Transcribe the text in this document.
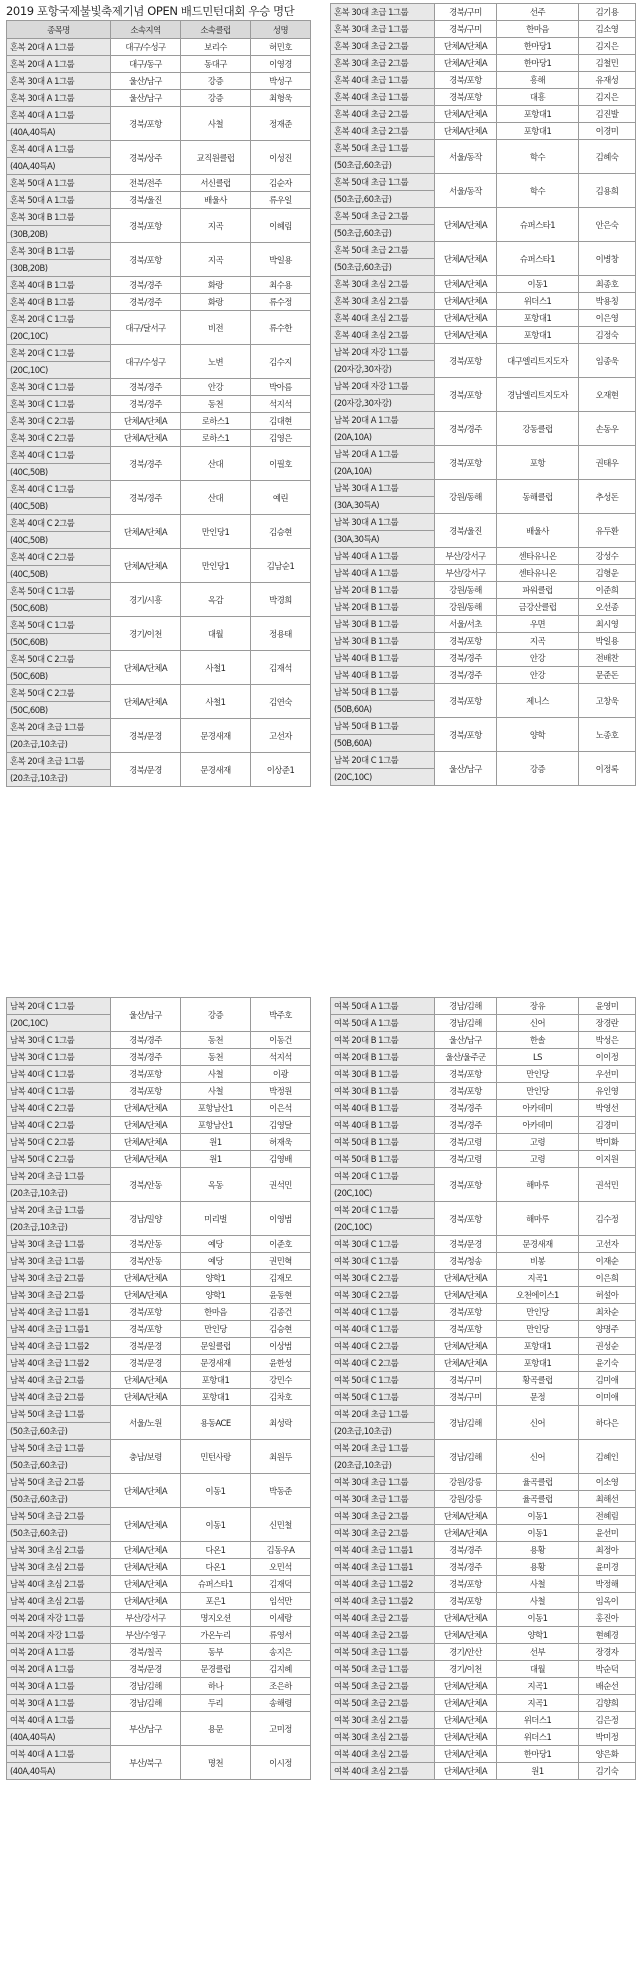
2019 포항국제불빛축제기념 OPEN 배드민턴대회 우승 명단
종목명	소속지역	소속클럽	성명
혼복 20대 A 1그룹	대구/수성구	보리수	허민호
혼복 20대 A 1그룹	대구/동구	동대구	이영경
혼복 30대 A 1그룹	울산/남구	강증	박성구
혼복 30대 A 1그룹	울산/남구	강증	최형욱
혼복 40대 A 1그룹	경북/포항	사철	정재준
(40A,40특A)			
혼복 40대 A 1그룹	경북/상주	교직원클럽	이성진
(40A,40특A)			
혼복 50대 A 1그룹	전북/전주	서신클럽	김순자
혼복 50대 A 1그룹	경북/울진	배울사	류우일
혼복 30대 B 1그룹	경북/포항	지곡	이혜림
(30B,20B)			
혼복 30대 B 1그룹	경북/포항	지곡	박일용
(30B,20B)			
혼복 40대 B 1그룹	경북/경주	화랑	최수용
혼복 40대 B 1그룹	경북/경주	화랑	류수정
혼복 20대 C 1그룹	대구/달서구	비전	류수한
(20C,10C)			
혼복 20대 C 1그룹	대구/수성구	노변	김수지
(20C,10C)			
혼복 30대 C 1그룹	경북/경주	안강	박아름
혼복 30대 C 1그룹	경북/경주	동천	석지석
혼복 30대 C 2그룹	단체A/단체A	로하스1	김대현
혼복 30대 C 2그룹	단체A/단체A	로하스1	김영은
혼복 40대 C 1그룹	경북/경주	산대	이필호
(40C,50B)			
혼복 40대 C 1그룹	경북/경주	산대	예린
(40C,50B)			
혼복 40대 C 2그룹	단체A/단체A	만인당1	김승현
(40C,50B)			
혼복 40대 C 2그룹	단체A/단체A	만인당1	김남순1
(40C,50B)			
혼복 50대 C 1그룹	경기/시흥	옥감	박경희
(50C,60B)			
혼복 50대 C 1그룹	경기/이천	대월	정용태
(50C,60B)			
혼복 50대 C 2그룹	단체A/단체A	사철1	김재석
(50C,60B)			
혼복 50대 C 2그룹	단체A/단체A	사철1	김연숙
(50C,60B)			
혼복 20대 초급 1그룹	경북/문경	문경새재	고선자
(20초급,10초급)			
혼복 20대 초급 1그룹	경북/문경	문경새재	이상준1
(20초급,10초급)			
혼복 30대 초급 1그룹	경북/구미	선주	김기용
혼복 30대 초급 1그룹	경북/구미	한마음	김소영
혼복 30대 초급 2그룹	단체A/단체A	한마당1	김지은
혼복 30대 초급 2그룹	단체A/단체A	한마당1	김철민
혼복 40대 초급 1그룹	경북/포항	흥해	유재성
혼복 40대 초급 1그룹	경북/포항	대흥	김지은
혼복 40대 초급 2그룹	단체A/단체A	포항대1	김진발
혼복 40대 초급 2그룹	단체A/단체A	포항대1	이경미
혼복 50대 초급 1그룹	서울/동작	학수	김혜숙
(50초급,60초급)			
혼복 50대 초급 1그룹	서울/동작	학수	김용희
(50초급,60초급)			
혼복 50대 초급 2그룹	단체A/단체A	슈퍼스타1	안은숙
(50초급,60초급)			
혼복 50대 초급 2그룹	단체A/단체A	슈퍼스타1	이병창
(50초급,60초급)			
혼복 30대 초심 2그룹	단체A/단체A	이동1	최종호
혼복 30대 초심 2그룹	단체A/단체A	위더스1	박용칭
혼복 40대 초심 2그룹	단체A/단체A	포항대1	이은영
혼복 40대 초심 2그룹	단체A/단체A	포항대1	김정숙
남복 20대 자강 1그룹	경북/포항	대구엘리트지도자	임종욱
(20자강,30자강)			
남복 20대 자강 1그룹	경북/포항	경남엘리트지도자	오재현
(20자강,30자강)			
남복 20대 A 1그룹	경북/경주	강동클럽	손동우
(20A,10A)			
남복 20대 A 1그룹	경북/포항	포항	권태우
(20A,10A)			
남복 30대 A 1그룹	강원/동해	동해클럽	추성돈
(30A,30특A)			
남복 30대 A 1그룹	경북/울진	배울사	유두환
(30A,30특A)			
남복 40대 A 1그룹	부산/강서구	센타유니온	강성수
남복 40대 A 1그룹	부산/강서구	센타유니온	김형운
남복 20대 B 1그룹	강원/동해	파워클럽	이준희
남복 20대 B 1그룹	강원/동해	금강산클럽	오선종
남복 30대 B 1그룹	서울/서초	우면	최시영
남복 30대 B 1그룹	경북/포항	지곡	박일용
남복 40대 B 1그룹	경북/경주	안강	전배찬
남복 40대 B 1그룹	경북/경주	안강	문준돈
남복 50대 B 1그룹	경북/포항	제니스	고창욱
(50B,60A)			
남복 50대 B 1그룹	경북/포항	양학	노종호
(50B,60A)			
남복 20대 C 1그룹	울산/남구	강증	이정록
(20C,10C)			
남복 20대 C 1그룹	울산/남구	강증	박주호
(20C,10C)			
남복 30대 C 1그룹	경북/경주	동천	이동건
남복 30대 C 1그룹	경북/경주	동천	석지석
남복 40대 C 1그룹	경북/포항	사철	이광
남복 40대 C 1그룹	경북/포항	사철	박정원
남복 40대 C 2그룹	단체A/단체A	포항남산1	이은석
남복 40대 C 2그룹	단체A/단체A	포항남산1	김영달
남복 50대 C 2그룹	단체A/단체A	원1	허재욱
남복 50대 C 2그룹	단체A/단체A	원1	김영배
남복 20대 초급 1그룹	경북/안동	옥동	권석민
(20초급,10초급)			
남복 20대 초급 1그룹	경남/밀양	미리벌	이영범
(20초급,10초급)			
남복 30대 초급 1그룹	경북/안동	예당	이준호
남복 30대 초급 1그룹	경북/안동	예당	권민혁
남복 30대 초급 2그룹	단체A/단체A	양학1	김재모
남복 30대 초급 2그룹	단체A/단체A	양학1	윤동현
남복 40대 초급 1그룹1	경북/포항	한마음	김종건
남복 40대 초급 1그룹1	경북/포항	만인당	김승현
남복 40대 초급 1그룹2	경북/문경	문일클럽	이상범
남복 40대 초급 1그룹2	경북/문경	문경새재	윤한성
남복 40대 초급 2그룹	단체A/단체A	포항대1	강민수
남복 40대 초급 2그룹	단체A/단체A	포항대1	김차호
남복 50대 초급 1그룹	서울/노원	용동ACE	최성락
(50초급,60초급)			
남복 50대 초급 1그룹	충남/보령	민턴사랑	최원두
(50초급,60초급)			
남복 50대 초급 2그룹	단체A/단체A	이동1	박동준
(50초급,60초급)			
남복 50대 초급 2그룹	단체A/단체A	이동1	신민철
(50초급,60초급)			
남복 30대 초심 2그룹	단체A/단체A	다온1	김동우A
남복 30대 초심 2그룹	단체A/단체A	다온1	오민석
남복 40대 초심 2그룹	단체A/단체A	슈퍼스타1	김재덕
남복 40대 초심 2그룹	단체A/단체A	포은1	임석만
여복 20대 자강 1그룹	부산/강서구	명지오션	이세랑
여복 20대 자강 1그룹	부산/수영구	가온누리	류영서
여복 20대 A 1그룹	경북/칠곡	동부	송지은
여복 20대 A 1그룹	경북/문경	문경클럽	김지혜
여복 30대 A 1그룹	경남/김해	하나	조은하
여복 30대 A 1그룹	경남/김해	두리	송해령
여복 40대 A 1그룹	부산/남구	용문	고미정
(40A,40특A)			
여복 40대 A 1그룹	부산/북구	명천	이시정
(40A,40특A)			
여복 50대 A 1그룹	경남/김해	장유	윤영미
여복 50대 A 1그룹	경남/김해	신어	장경란
여복 20대 B 1그룹	울산/남구	한솔	박성은
여복 20대 B 1그룹	울산/울주군	LS	이이정
여복 30대 B 1그룹	경북/포항	만인당	우선미
여복 30대 B 1그룹	경북/포항	만인당	유인영
여복 40대 B 1그룹	경북/경주	아카데미	박영선
여복 40대 B 1그룹	경북/경주	아카데미	김경미
여복 50대 B 1그룹	경북/고령	고령	박미화
여복 50대 B 1그룹	경북/고령	고령	이지원
여복 20대 C 1그룹	경북/포항	해마루	권석민
(20C,10C)			
여복 20대 C 1그룹	경북/포항	해마루	김수정
(20C,10C)			
여복 30대 C 1그룹	경북/문경	문경새재	고선자
여복 30대 C 1그룹	경북/청송	비봉	이재순
여복 30대 C 2그룹	단체A/단체A	지곡1	이은희
여복 30대 C 2그룹	단체A/단체A	오천에이스1	허설아
여복 40대 C 1그룹	경북/포항	만인당	최차순
여복 40대 C 1그룹	경북/포항	만인당	양명주
여복 40대 C 2그룹	단체A/단체A	포항대1	권성순
여복 40대 C 2그룹	단체A/단체A	포항대1	윤기숙
여복 50대 C 1그룹	경북/구미	황곡클럽	김미애
여복 50대 C 1그룹	경북/구미	문정	이미애
여복 20대 초급 1그룹	경남/김해	신어	하다은
(20초급,10초급)			
여복 20대 초급 1그룹	경남/김해	신어	김혜인
(20초급,10초급)			
여복 30대 초급 1그룹	강원/강릉	율곡클럽	이소영
여복 30대 초급 1그룹	강원/강릉	율곡클럽	최해선
여복 30대 초급 2그룹	단체A/단체A	이동1	전혜림
여복 30대 초급 2그룹	단체A/단체A	이동1	윤선미
여복 40대 초급 1그룹1	경북/경주	용황	최정아
여복 40대 초급 1그룹1	경북/경주	용황	윤미경
여복 40대 초급 1그룹2	경북/포항	사철	박정해
여복 40대 초급 1그룹2	경북/포항	사철	임옥이
여복 40대 초급 2그룹	단체A/단체A	이동1	홍진아
여복 40대 초급 2그룹	단체A/단체A	양학1	현혜경
여복 50대 초급 1그룹	경기/안산	선부	장경자
여복 50대 초급 1그룹	경기/이천	대월	박순덕
여복 50대 초급 2그룹	단체A/단체A	지곡1	배순선
여복 50대 초급 2그룹	단체A/단체A	지곡1	김향희
여복 30대 초심 2그룹	단체A/단체A	위더스1	김은정
여복 30대 초심 2그룹	단체A/단체A	위더스1	박미정
여복 40대 초심 2그룹	단체A/단체A	한마당1	양은화
여복 40대 초심 2그룹	단체A/단체A	원1	김기숙
